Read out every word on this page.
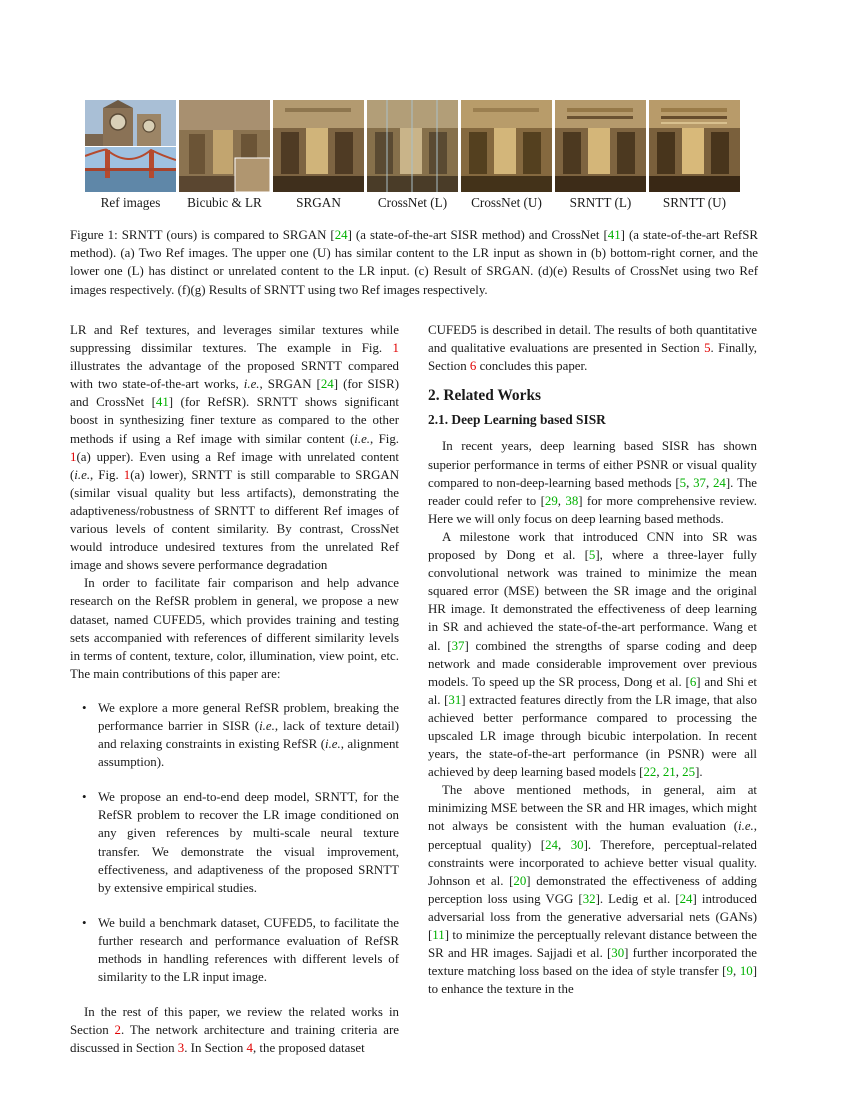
Ref images	Bicubic & LR	SRGAN	CrossNet (L)	CrossNet (U)	SRNTT (L)	SRNTT (U)
Figure 1: SRNTT (ours) is compared to SRGAN [24] (a state-of-the-art SISR method) and CrossNet [41] (a state-of-the-art RefSR method). (a) Two Ref images. The upper one (U) has similar content to the LR input as shown in (b) bottom-right corner, and the lower one (L) has distinct or unrelated content to the LR input. (c) Result of SRGAN. (d)(e) Results of CrossNet using two Ref images respectively. (f)(g) Results of SRNTT using two Ref images respectively.

LR and Ref textures, and leverages similar textures while suppressing dissimilar textures. The example in Fig. 1 illustrates the advantage of the proposed SRNTT compared with two state-of-the-art works, i.e., SRGAN [24] (for SISR) and CrossNet [41] (for RefSR). SRNTT shows significant boost in synthesizing finer texture as compared to the other methods if using a Ref image with similar content (i.e., Fig. 1(a) upper). Even using a Ref image with unrelated content (i.e., Fig. 1(a) lower), SRNTT is still comparable to SRGAN (similar visual quality but less artifacts), demonstrating the adaptiveness/robustness of SRNTT to different Ref images of various levels of content similarity. By contrast, CrossNet would introduce undesired textures from the unrelated Ref image and shows severe performance degradation

In order to facilitate fair comparison and help advance research on the RefSR problem in general, we propose a new dataset, named CUFED5, which provides training and testing sets accompanied with references of different similarity levels in terms of content, texture, color, illumination, view point, etc. The main contributions of this paper are:

• We explore a more general RefSR problem, breaking the performance barrier in SISR (i.e., lack of texture detail) and relaxing constraints in existing RefSR (i.e., alignment assumption).
• We propose an end-to-end deep model, SRNTT, for the RefSR problem to recover the LR image conditioned on any given references by multi-scale neural texture transfer. We demonstrate the visual improvement, effectiveness, and adaptiveness of the proposed SRNTT by extensive empirical studies.
• We build a benchmark dataset, CUFED5, to facilitate the further research and performance evaluation of RefSR methods in handling references with different levels of similarity to the LR input image.

In the rest of this paper, we review the related works in Section 2. The network architecture and training criteria are discussed in Section 3. In Section 4, the proposed dataset

CUFED5 is described in detail. The results of both quantitative and qualitative evaluations are presented in Section 5. Finally, Section 6 concludes this paper.

2. Related Works
2.1. Deep Learning based SISR

In recent years, deep learning based SISR has shown superior performance in terms of either PSNR or visual quality compared to non-deep-learning based methods [5, 37, 24]. The reader could refer to [29, 38] for more comprehensive review. Here we will only focus on deep learning based methods.

A milestone work that introduced CNN into SR was proposed by Dong et al. [5], where a three-layer fully convolutional network was trained to minimize the mean squared error (MSE) between the SR image and the original HR image. It demonstrated the effectiveness of deep learning in SR and achieved the state-of-the-art performance. Wang et al. [37] combined the strengths of sparse coding and deep network and made considerable improvement over previous models. To speed up the SR process, Dong et al. [6] and Shi et al. [31] extracted features directly from the LR image, that also achieved better performance compared to processing the upscaled LR image through bicubic interpolation. In recent years, the state-of-the-art performance (in PSNR) were all achieved by deep learning based models [22, 21, 25].

The above mentioned methods, in general, aim at minimizing MSE between the SR and HR images, which might not always be consistent with the human evaluation (i.e., perceptual quality) [24, 30]. Therefore, perceptual-related constraints were incorporated to achieve better visual quality. Johnson et al. [20] demonstrated the effectiveness of adding perception loss using VGG [32]. Ledig et al. [24] introduced adversarial loss from the generative adversarial nets (GANs) [11] to minimize the perceptually relevant distance between the SR and HR images. Sajjadi et al. [30] further incorporated the texture matching loss based on the idea of style transfer [9, 10] to enhance the texture in the
